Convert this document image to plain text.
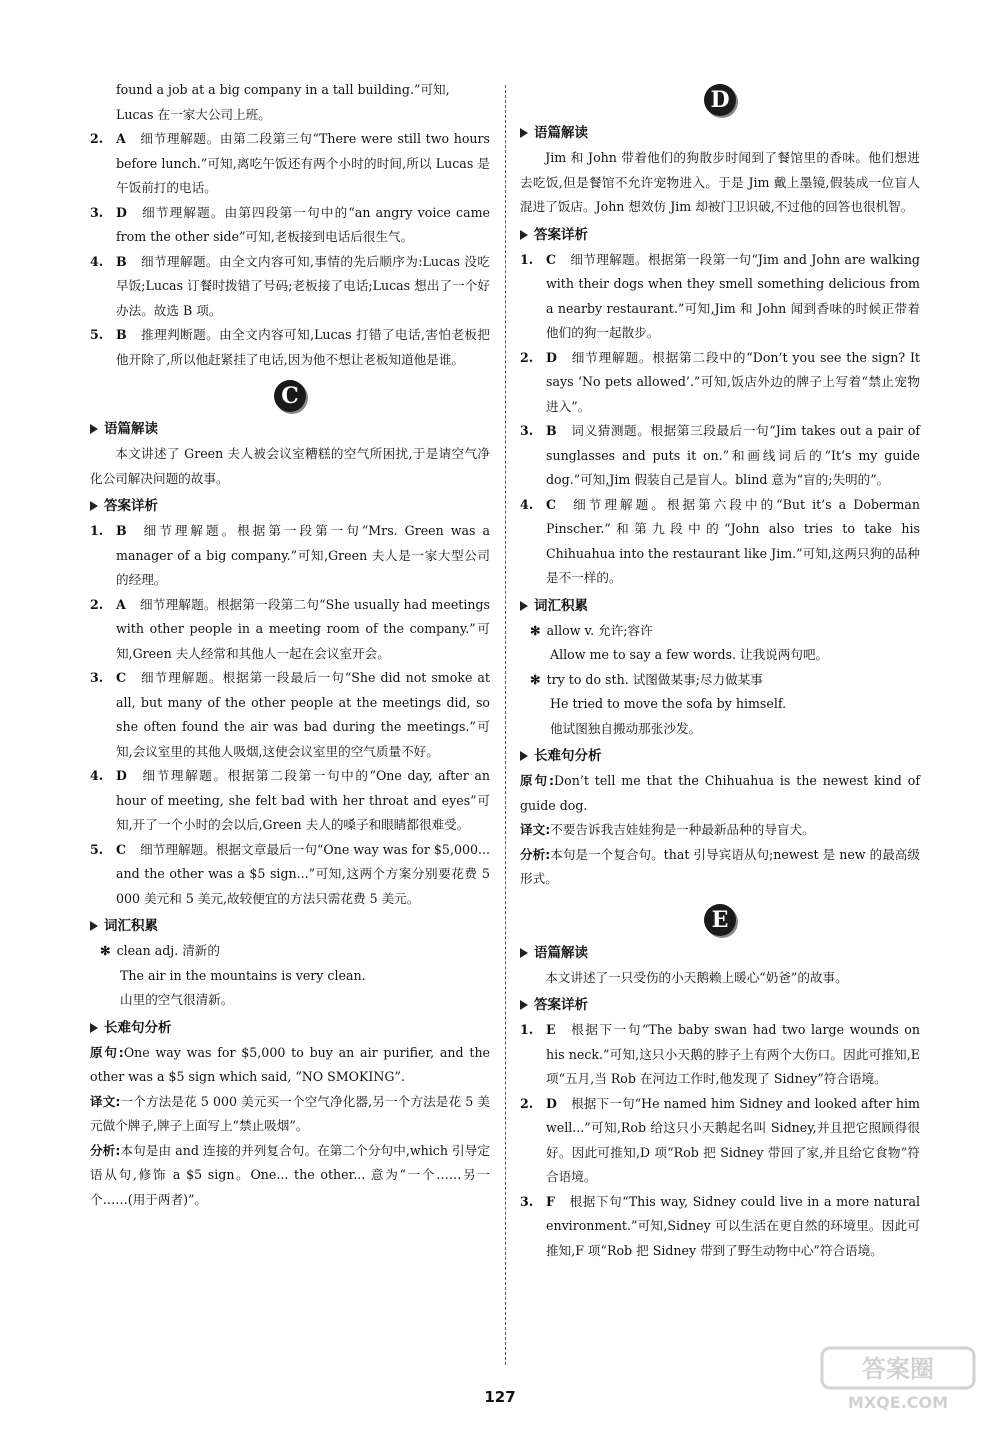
found a job at a big company in a tall building.”可知,

Lucas 在一家大公司上班。

2.	A 细节理解题。由第二段第三句“There were still two hours before lunch.”可知,离吃午饭还有两个小时的时间,所以 Lucas 是午饭前打的电话。
3.	D 细节理解题。由第四段第一句中的“an angry voice came from the other side”可知,老板接到电话后很生气。
4.	B 细节理解题。由全文内容可知,事情的先后顺序为:Lucas 没吃早饭;Lucas 订餐时拨错了号码;老板接了电话;Lucas 想出了一个好办法。故选 B 项。
5.	B 推理判断题。由全文内容可知,Lucas 打错了电话,害怕老板把他开除了,所以他赶紧挂了电话,因为他不想让老板知道他是谁。
C
语篇解读

本文讲述了 Green 夫人被会议室糟糕的空气所困扰,于是请空气净化公司解决问题的故事。

答案详析
1.	B 细节理解题。根据第一段第一句“Mrs. Green was a manager of a big company.”可知,Green 夫人是一家大型公司的经理。
2.	A 细节理解题。根据第一段第二句“She usually had meetings with other people in a meeting room of the company.”可知,Green 夫人经常和其他人一起在会议室开会。
3.	C 细节理解题。根据第一段最后一句“She did not smoke at all, but many of the other people at the meetings did, so she often found the air was bad during the meetings.”可知,会议室里的其他人吸烟,这使会议室里的空气质量不好。
4.	D 细节理解题。根据第二段第一句中的“One day, after an hour of meeting, she felt bad with her throat and eyes”可知,开了一个小时的会以后,Green 夫人的嗓子和眼睛都很难受。
5.	C 细节理解题。根据文章最后一句“One way was for $5,000... and the other was a $5 sign...”可知,这两个方案分别要花费 5 000 美元和 5 美元,故较便宜的方法只需花费 5 美元。
词汇积累
✻ clean adj. 清新的
The air in the mountains is very clean.
山里的空气很清新。
长难句分析

原句:One way was for $5,000 to buy an air purifier, and the other was a $5 sign which said, “NO SMOKING”.

译文:一个方法是花 5 000 美元买一个空气净化器,另一个方法是花 5 美元做个牌子,牌子上面写上“禁止吸烟”。

分析:本句是由 and 连接的并列复合句。在第二个分句中,which 引导定语从句,修饰 a $5 sign。One... the other... 意为“一个……另一个……(用于两者)”。

D
语篇解读

Jim 和 John 带着他们的狗散步时闻到了餐馆里的香味。他们想进去吃饭,但是餐馆不允许宠物进入。于是 Jim 戴上墨镜,假装成一位盲人混进了饭店。John 想效仿 Jim 却被门卫识破,不过他的回答也很机智。

答案详析
1.	C 细节理解题。根据第一段第一句“Jim and John are walking with their dogs when they smell something delicious from a nearby restaurant.”可知,Jim 和 John 闻到香味的时候正带着他们的狗一起散步。
2.	D 细节理解题。根据第二段中的“Don’t you see the sign? It says ‘No pets allowed’.”可知,饭店外边的牌子上写着“禁止宠物进入”。
3.	B 词义猜测题。根据第三段最后一句“Jim takes out a pair of sunglasses and puts it on.”和画线词后的“It’s my guide dog.”可知,Jim 假装自己是盲人。blind 意为“盲的;失明的”。
4.	C 细节理解题。根据第六段中的“But it’s a Doberman Pinscher.”和第九段中的“John also tries to take his Chihuahua into the restaurant like Jim.”可知,这两只狗的品种是不一样的。
词汇积累
✻ allow v. 允许;容许
Allow me to say a few words. 让我说两句吧。
✻ try to do sth. 试图做某事;尽力做某事
He tried to move the sofa by himself.
他试图独自搬动那张沙发。
长难句分析

原句:Don’t tell me that the Chihuahua is the newest kind of guide dog.

译文:不要告诉我吉娃娃狗是一种最新品种的导盲犬。

分析:本句是一个复合句。that 引导宾语从句;newest 是 new 的最高级形式。

E
语篇解读

本文讲述了一只受伤的小天鹅赖上暖心“奶爸”的故事。

答案详析
1.	E 根据下一句“The baby swan had two large wounds on his neck.”可知,这只小天鹅的脖子上有两个大伤口。因此可推知,E 项“五月,当 Rob 在河边工作时,他发现了 Sidney”符合语境。
2.	D 根据下一句“He named him Sidney and looked after him well...”可知,Rob 给这只小天鹅起名叫 Sidney,并且把它照顾得很好。因此可推知,D 项“Rob 把 Sidney 带回了家,并且给它食物”符合语境。
3.	F 根据下句“This way, Sidney could live in a more natural environment.”可知,Sidney 可以生活在更自然的环境里。因此可推知,F 项“Rob 把 Sidney 带到了野生动物中心”符合语境。
127
答案圈
MXQE.COM
